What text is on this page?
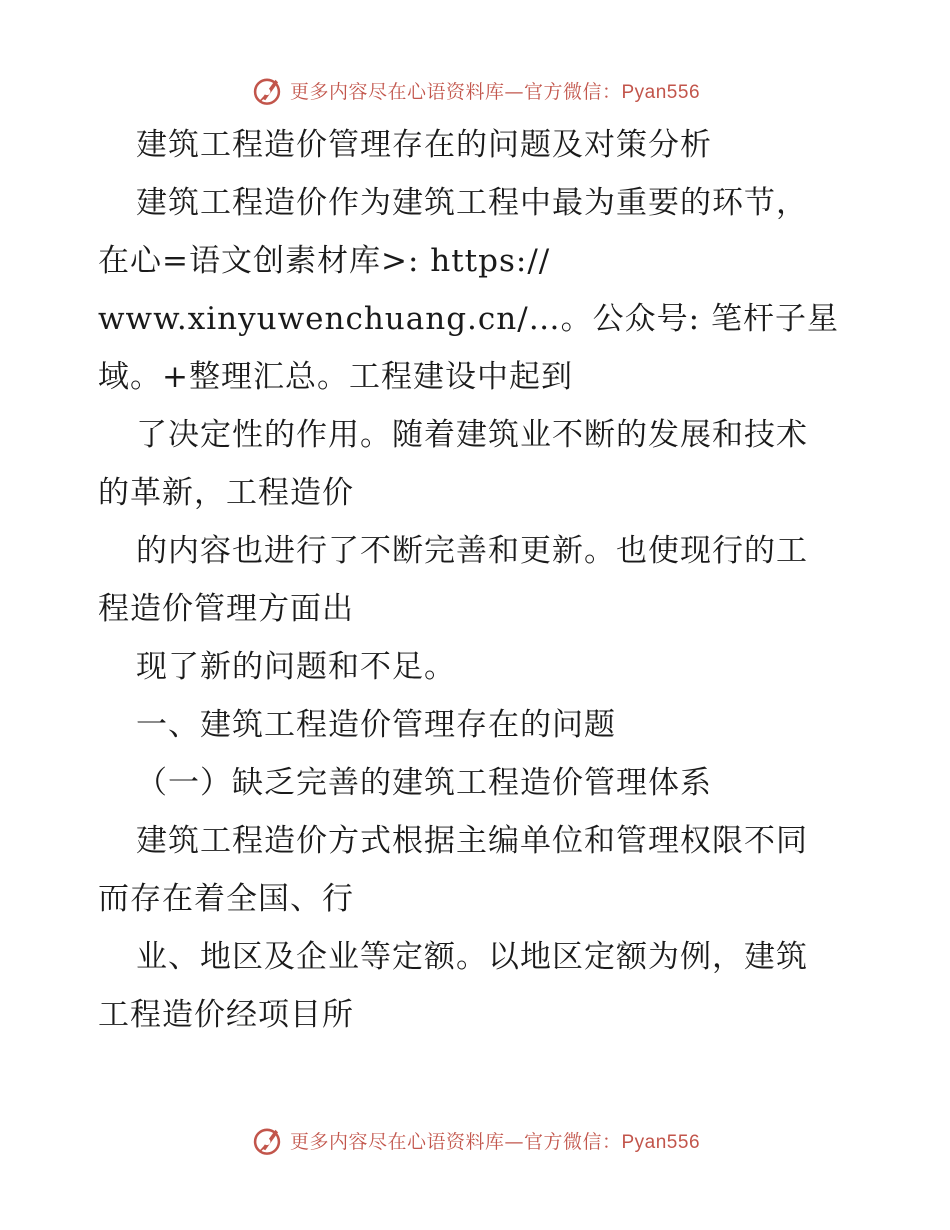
更多内容尽在心语资料库—官方微信：Pyan556
建筑工程造价管理存在的问题及对策分析
建筑工程造价作为建筑工程中最为重要的环节，
在心=语文创素材库>: https://
www.xinyuwenchuang.cn/…。公众号: 笔杆子星
域。+整理汇总。工程建设中起到
了决定性的作用。随着建筑业不断的发展和技术
的革新，工程造价
的内容也进行了不断完善和更新。也使现行的工
程造价管理方面出
现了新的问题和不足。
一、建筑工程造价管理存在的问题
（一）缺乏完善的建筑工程造价管理体系
建筑工程造价方式根据主编单位和管理权限不同
而存在着全国、行
业、地区及企业等定额。以地区定额为例，建筑
工程造价经项目所
更多内容尽在心语资料库—官方微信：Pyan556
